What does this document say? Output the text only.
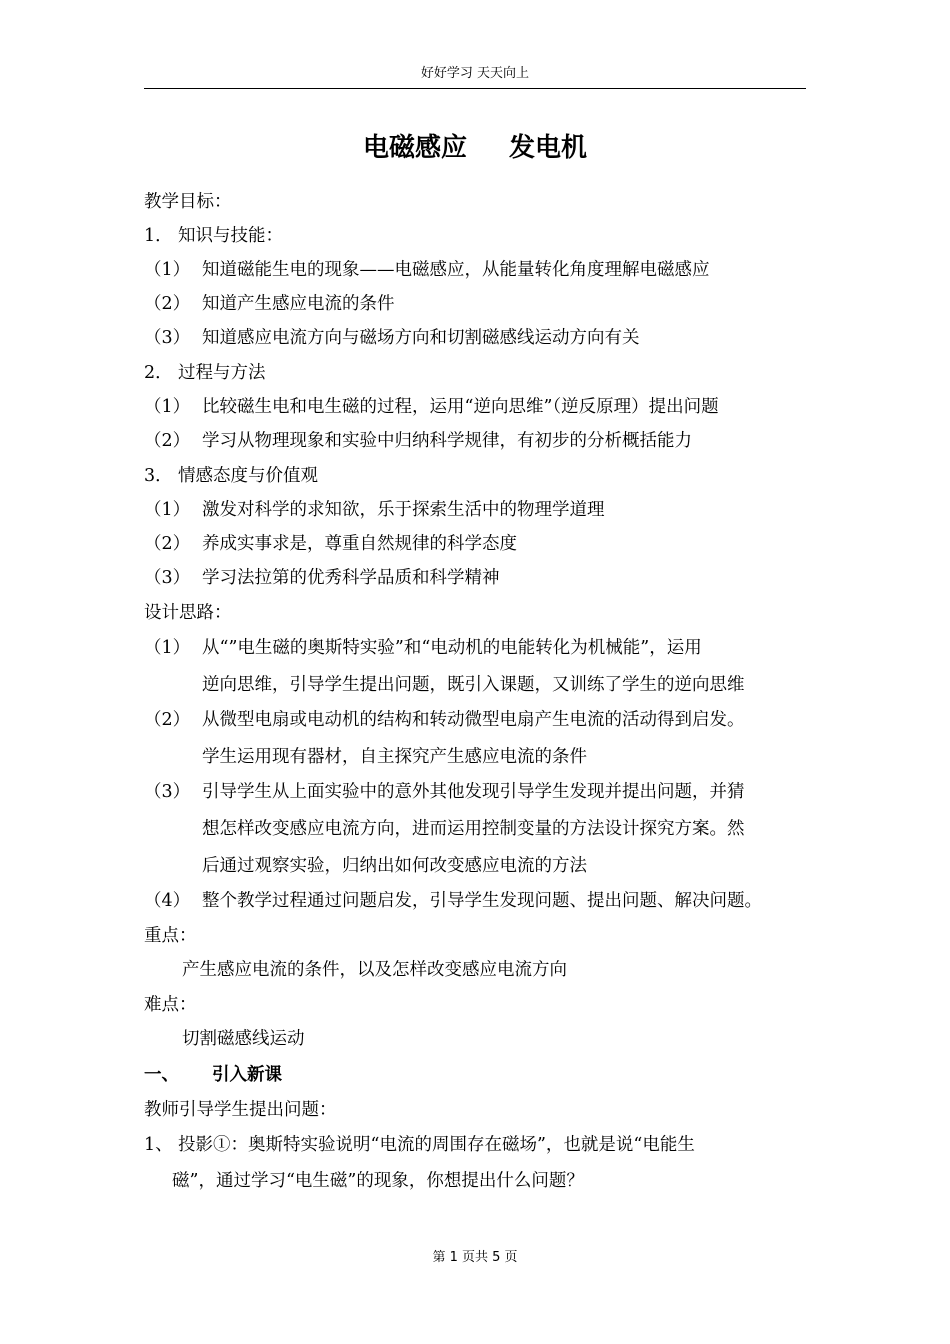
好好学习 天天向上
电磁感应 发电机
教学目标：
1． 知识与技能：
（1） 知道磁能生电的现象——电磁感应，从能量转化角度理解电磁感应
（2） 知道产生感应电流的条件
（3） 知道感应电流方向与磁场方向和切割磁感线运动方向有关
2． 过程与方法
（1） 比较磁生电和电生磁的过程，运用“逆向思维”（逆反原理）提出问题
（2） 学习从物理现象和实验中归纳科学规律，有初步的分析概括能力
3． 情感态度与价值观
（1） 激发对科学的求知欲，乐于探索生活中的物理学道理
（2） 养成实事求是，尊重自然规律的科学态度
（3） 学习法拉第的优秀科学品质和科学精神
设计思路：
（1） 从“”电生磁的奥斯特实验”和“电动机的电能转化为机械能”，运用
逆向思维，引导学生提出问题，既引入课题，又训练了学生的逆向思维
（2） 从微型电扇或电动机的结构和转动微型电扇产生电流的活动得到启发。
学生运用现有器材，自主探究产生感应电流的条件
（3） 引导学生从上面实验中的意外其他发现引导学生发现并提出问题，并猜
想怎样改变感应电流方向，进而运用控制变量的方法设计探究方案。然
后通过观察实验，归纳出如何改变感应电流的方法
（4） 整个教学过程通过问题启发，引导学生发现问题、提出问题、解决问题。
重点：
产生感应电流的条件，以及怎样改变感应电流方向
难点：
切割磁感线运动
一、 引入新课
教师引导学生提出问题：
1、 投影①：奥斯特实验说明“电流的周围存在磁场”，也就是说“电能生
磁”，通过学习“电生磁”的现象，你想提出什么问题？
第 1 页共 5 页
